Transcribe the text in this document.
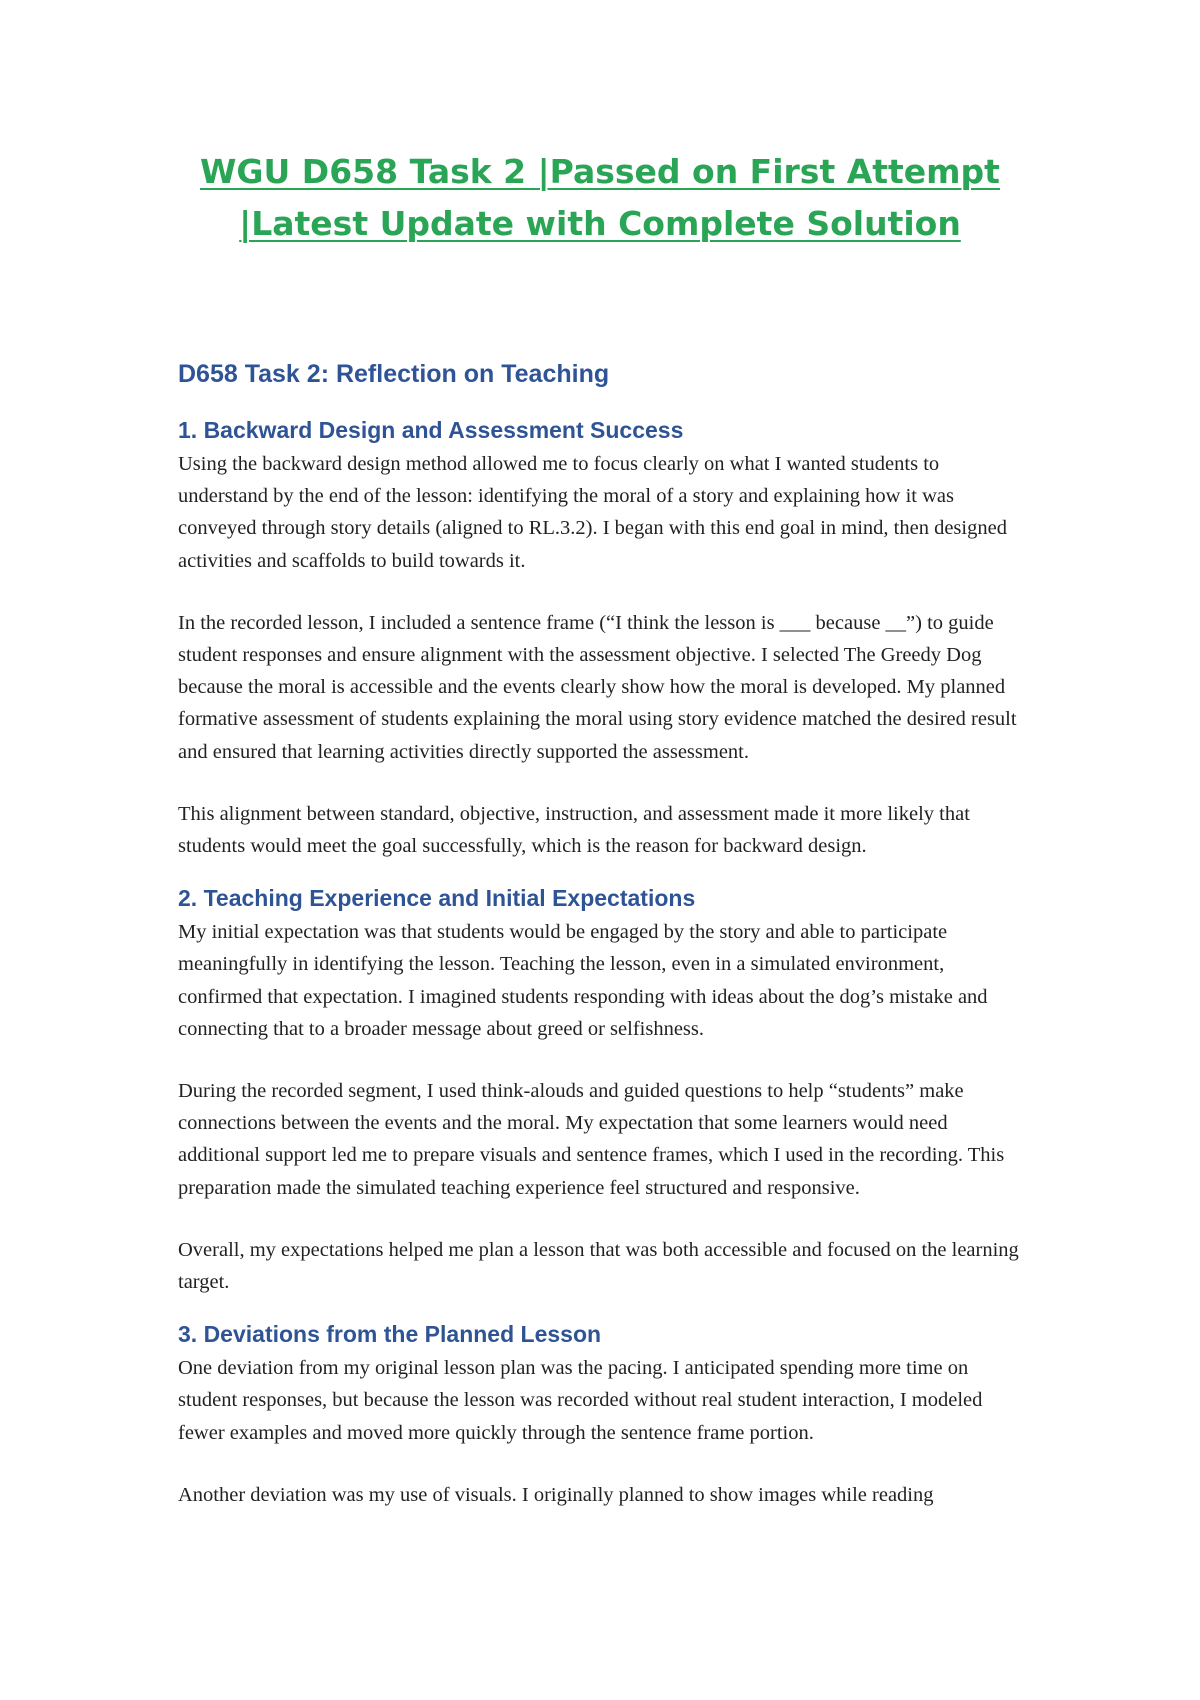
WGU D658 Task 2 |Passed on First Attempt |Latest Update with Complete Solution
D658 Task 2: Reflection on Teaching
1. Backward Design and Assessment Success

Using the backward design method allowed me to focus clearly on what I wanted students to understand by the end of the lesson: identifying the moral of a story and explaining how it was conveyed through story details (aligned to RL.3.2). I began with this end goal in mind, then designed activities and scaffolds to build towards it.

In the recorded lesson, I included a sentence frame (“I think the lesson is ___ because __”) to guide student responses and ensure alignment with the assessment objective. I selected The Greedy Dog because the moral is accessible and the events clearly show how the moral is developed. My planned formative assessment of students explaining the moral using story evidence matched the desired result and ensured that learning activities directly supported the assessment.

This alignment between standard, objective, instruction, and assessment made it more likely that students would meet the goal successfully, which is the reason for backward design.

2. Teaching Experience and Initial Expectations

My initial expectation was that students would be engaged by the story and able to participate meaningfully in identifying the lesson. Teaching the lesson, even in a simulated environment, confirmed that expectation. I imagined students responding with ideas about the dog’s mistake and connecting that to a broader message about greed or selfishness.

During the recorded segment, I used think-alouds and guided questions to help “students” make connections between the events and the moral. My expectation that some learners would need additional support led me to prepare visuals and sentence frames, which I used in the recording. This preparation made the simulated teaching experience feel structured and responsive.

Overall, my expectations helped me plan a lesson that was both accessible and focused on the learning target.

3. Deviations from the Planned Lesson

One deviation from my original lesson plan was the pacing. I anticipated spending more time on student responses, but because the lesson was recorded without real student interaction, I modeled fewer examples and moved more quickly through the sentence frame portion.

Another deviation was my use of visuals. I originally planned to show images while reading
